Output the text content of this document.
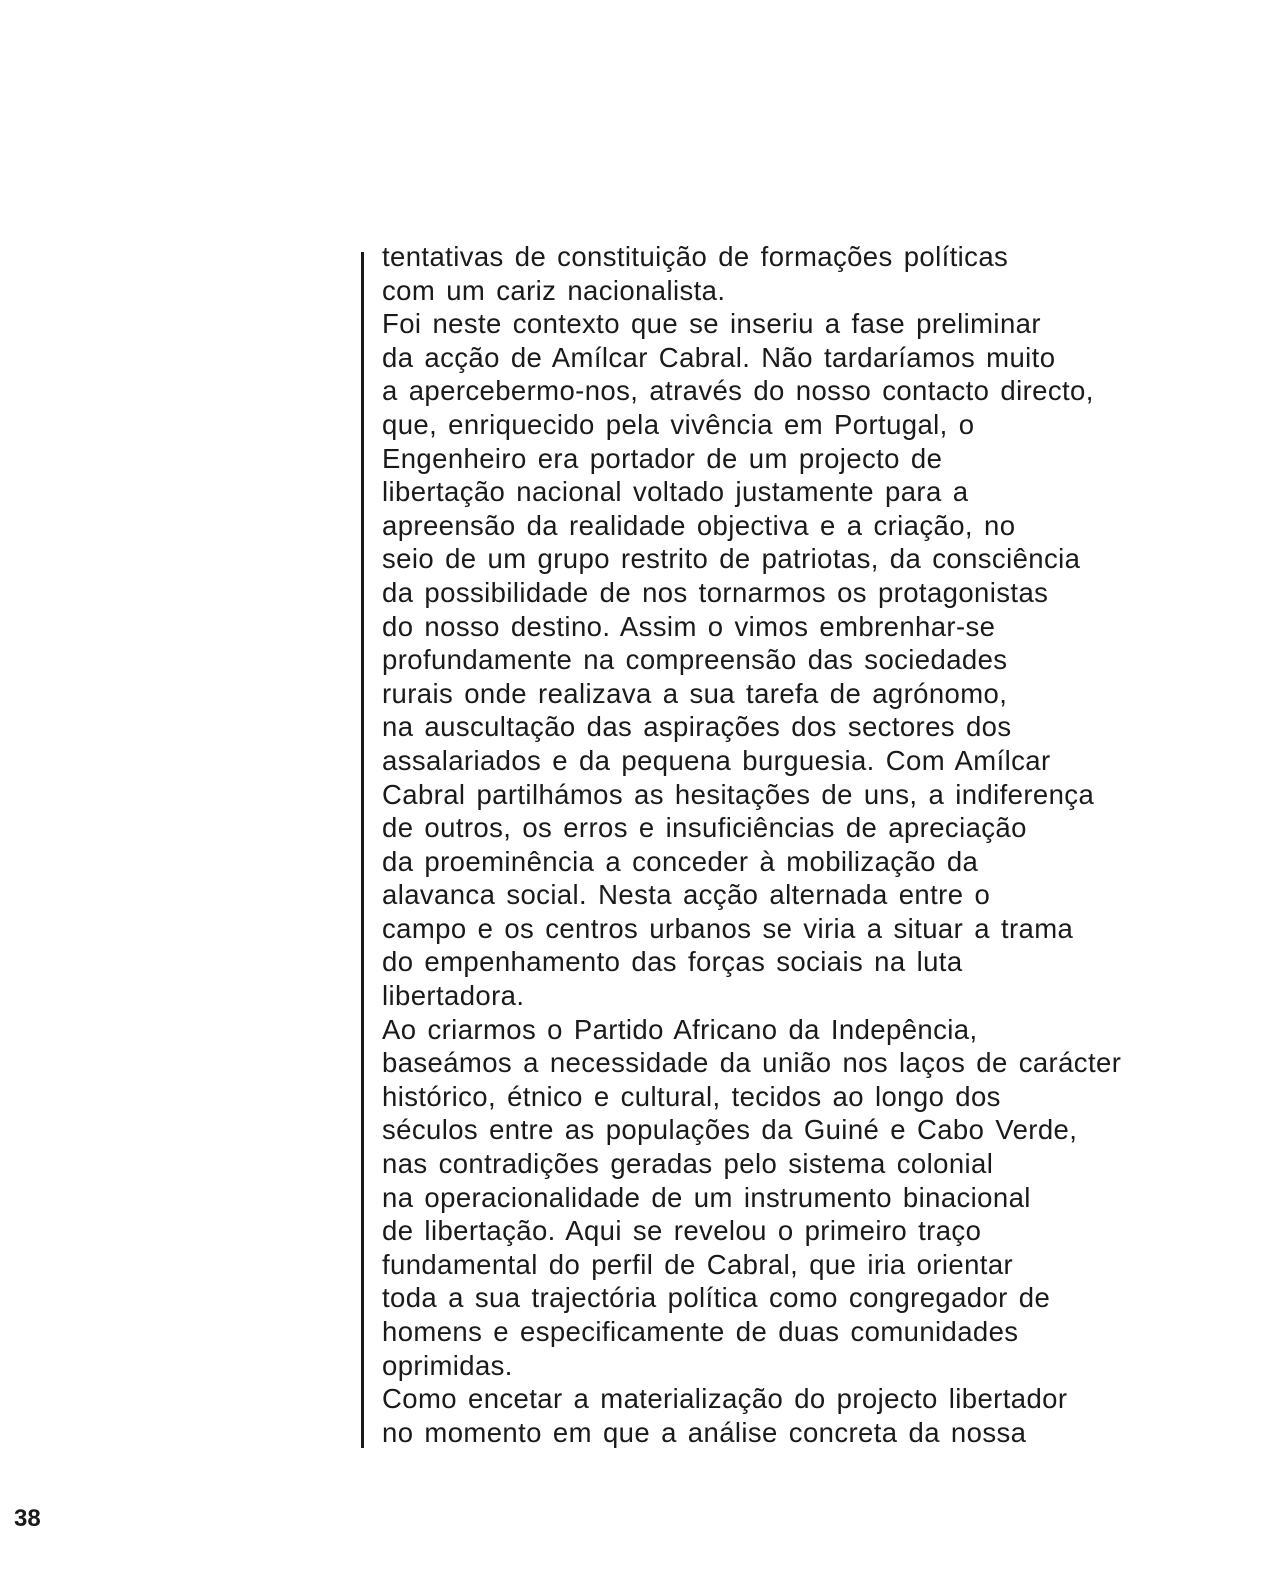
tentativas de constituição de formações políticas
com um cariz nacionalista.
Foi neste contexto que se inseriu a fase preliminar
da acção de Amílcar Cabral. Não tardaríamos muito
a apercebermo-nos, através do nosso contacto directo,
que, enriquecido pela vivência em Portugal, o
Engenheiro era portador de um projecto de
libertação nacional voltado justamente para a
apreensão da realidade objectiva e a criação, no
seio de um grupo restrito de patriotas, da consciência
da possibilidade de nos tornarmos os protagonistas
do nosso destino. Assim o vimos embrenhar-se
profundamente na compreensão das sociedades
rurais onde realizava a sua tarefa de agrónomo,
na auscultação das aspirações dos sectores dos
assalariados e da pequena burguesia. Com Amílcar
Cabral partilhámos as hesitações de uns, a indiferença
de outros, os erros e insuficiências de apreciação
da proeminência a conceder à mobilização da
alavanca social. Nesta acção alternada entre o
campo e os centros urbanos se viria a situar a trama
do empenhamento das forças sociais na luta
libertadora.
Ao criarmos o Partido Africano da Indepência,
baseámos a necessidade da união nos laços de carácter
histórico, étnico e cultural, tecidos ao longo dos
séculos entre as populações da Guiné e Cabo Verde,
nas contradições geradas pelo sistema colonial
na operacionalidade de um instrumento binacional
de libertação. Aqui se revelou o primeiro traço
fundamental do perfil de Cabral, que iria orientar
toda a sua trajectória política como congregador de
homens e especificamente de duas comunidades
oprimidas.
Como encetar a materialização do projecto libertador
no momento em que a análise concreta da nossa
38
